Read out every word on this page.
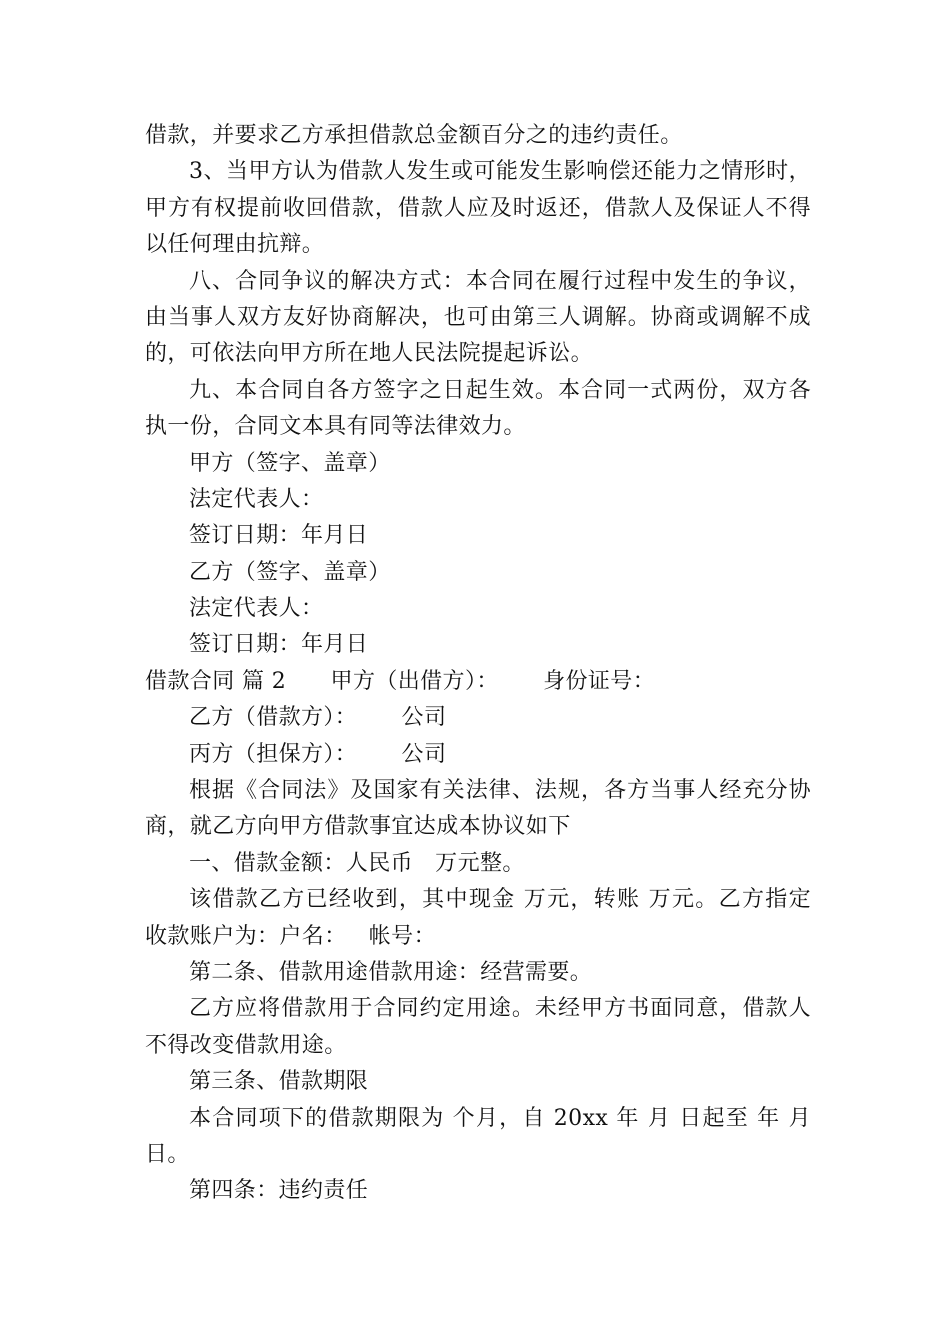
借款，并要求乙方承担借款总金额百分之的违约责任。
3、当甲方认为借款人发生或可能发生影响偿还能力之情形时，
甲方有权提前收回借款，借款人应及时返还，借款人及保证人不得
以任何理由抗辩。
八、合同争议的解决方式：本合同在履行过程中发生的争议，
由当事人双方友好协商解决，也可由第三人调解。协商或调解不成
的，可依法向甲方所在地人民法院提起诉讼。
九、本合同自各方签字之日起生效。本合同一式两份，双方各
执一份，合同文本具有同等法律效力。
甲方（签字、盖章）
法定代表人：
签订日期：年月日
乙方（签字、盖章）
法定代表人：
签订日期：年月日
借款合同 篇 2      甲方（出借方）：      身份证号：
乙方（借款方）：      公司
丙方（担保方）：      公司
根据《合同法》及国家有关法律、法规，各方当事人经充分协
商，就乙方向甲方借款事宜达成本协议如下
一、借款金额：人民币   万元整。
该借款乙方已经收到，其中现金 万元，转账 万元。乙方指定
收款账户为：户名：   帐号：
第二条、借款用途借款用途：经营需要。
乙方应将借款用于合同约定用途。未经甲方书面同意，借款人
不得改变借款用途。
第三条、借款期限
本合同项下的借款期限为 个月，自 20xx 年 月 日起至 年 月
日。
第四条：违约责任
